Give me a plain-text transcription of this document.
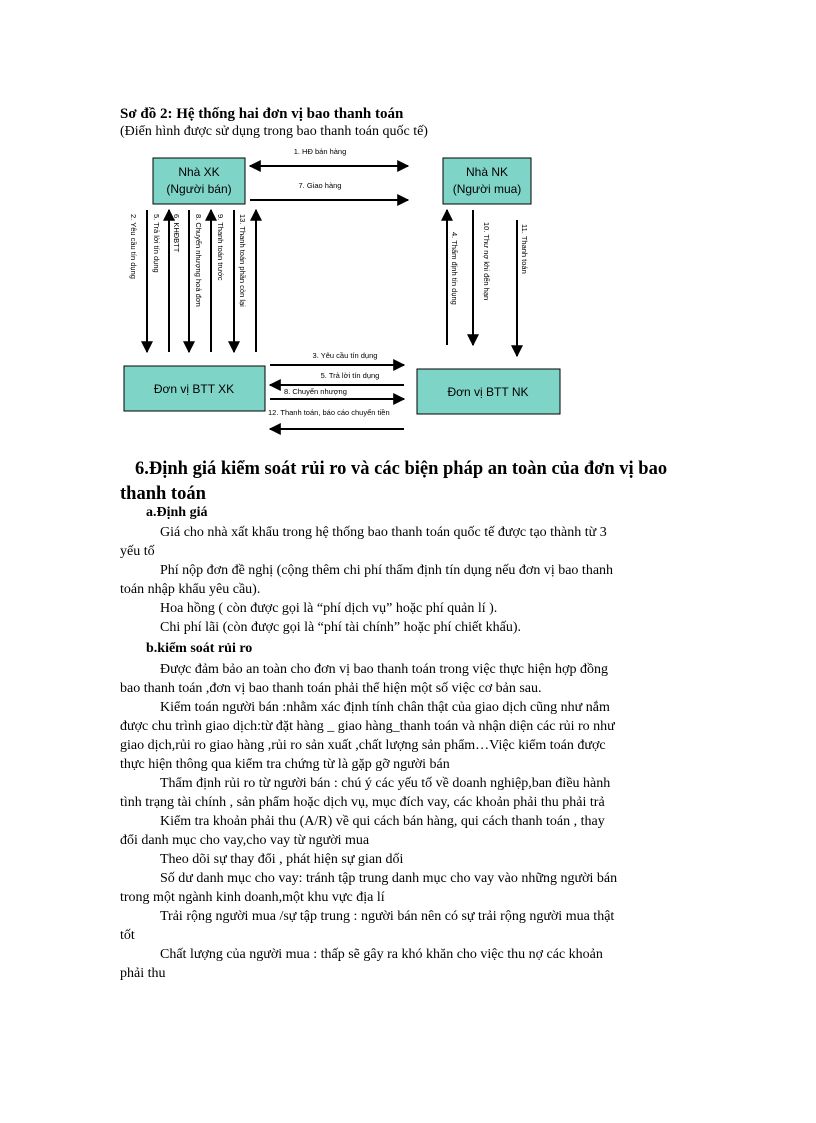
Sơ đồ 2: Hệ thống hai đơn vị bao thanh toán
(Điển hình được sử dụng trong bao thanh toán quốc tế)
Nhà XK
(Người bán)
Nhà NK
(Người mua)
Đơn vị BTT XK	Đơn vị BTT NK
1. HĐ bán hàng
7. Giao hàng
2. Yêu cầu tín dụng 5. Trả lời tín dụng 6. KHĐBTT 8. Chuyển nhượng hoá đơn 9. Thanh toán trước 13. Thanh toán phần còn lại	4. Thẩm định tín dụng	10. Thư nợ khi đến hạn	11. Thanh toán
3. Yêu cầu tín dụng
5. Trả lời tín dụng
8. Chuyển nhượng
12. Thanh toán, báo cáo chuyển tiền
6.Định giá kiểm soát rủi ro và các biện pháp an toàn của đơn vị bao
thanh toán
a.Định giá
Giá cho nhà xất khẩu trong hệ thống bao thanh toán quốc tế được tạo thành từ 3
yếu tố
Phí nộp đơn đề nghị (cộng thêm chi phí thẩm định tín dụng nếu đơn vị bao thanh
toán nhập khẩu yêu cầu).
Hoa hồng ( còn được gọi là “phí dịch vụ” hoặc phí quản lí ).
Chi phí lãi (còn được gọi là “phí tài chính” hoặc phí chiết khấu).
b.kiểm soát rủi ro
Được đảm bảo an toàn cho đơn vị bao thanh toán trong việc thực hiện hợp đồng
bao thanh toán ,đơn vị bao thanh toán phải thể hiện một số việc cơ bản sau.
Kiểm toán người bán :nhằm xác định tính chân thật của giao dịch cũng như nắm
được chu trình giao dịch:từ đặt hàng _ giao hàng_thanh toán và nhận diện các rủi ro như
giao dịch,rủi ro giao hàng ,rủi ro sản xuất ,chất lượng sản phẩm…Việc kiểm toán được
thực hiện thông qua kiểm tra chứng từ là gặp gỡ người bán
Thẩm định rủi ro từ người bán : chú ý các yếu tố về doanh nghiệp,ban điều hành
tình trạng tài chính , sản phẩm hoặc dịch vụ, mục đích vay, các khoản phải thu phải trả
Kiểm tra khoản phải thu (A/R) về qui cách bán hàng, qui cách thanh toán , thay
đổi danh mục cho vay,cho vay từ người mua
Theo dõi sự thay đổi , phát hiện sự gian dối
Số dư danh mục cho vay: tránh tập trung danh mục cho vay vào những người bán
trong một ngành kinh doanh,một khu vực địa lí
Trải rộng người mua /sự tập trung : người bán nên có sự trải rộng người mua thật
tốt
Chất lượng của người mua : thấp sẽ gây ra khó khăn cho việc thu nợ các khoản
phải thu
